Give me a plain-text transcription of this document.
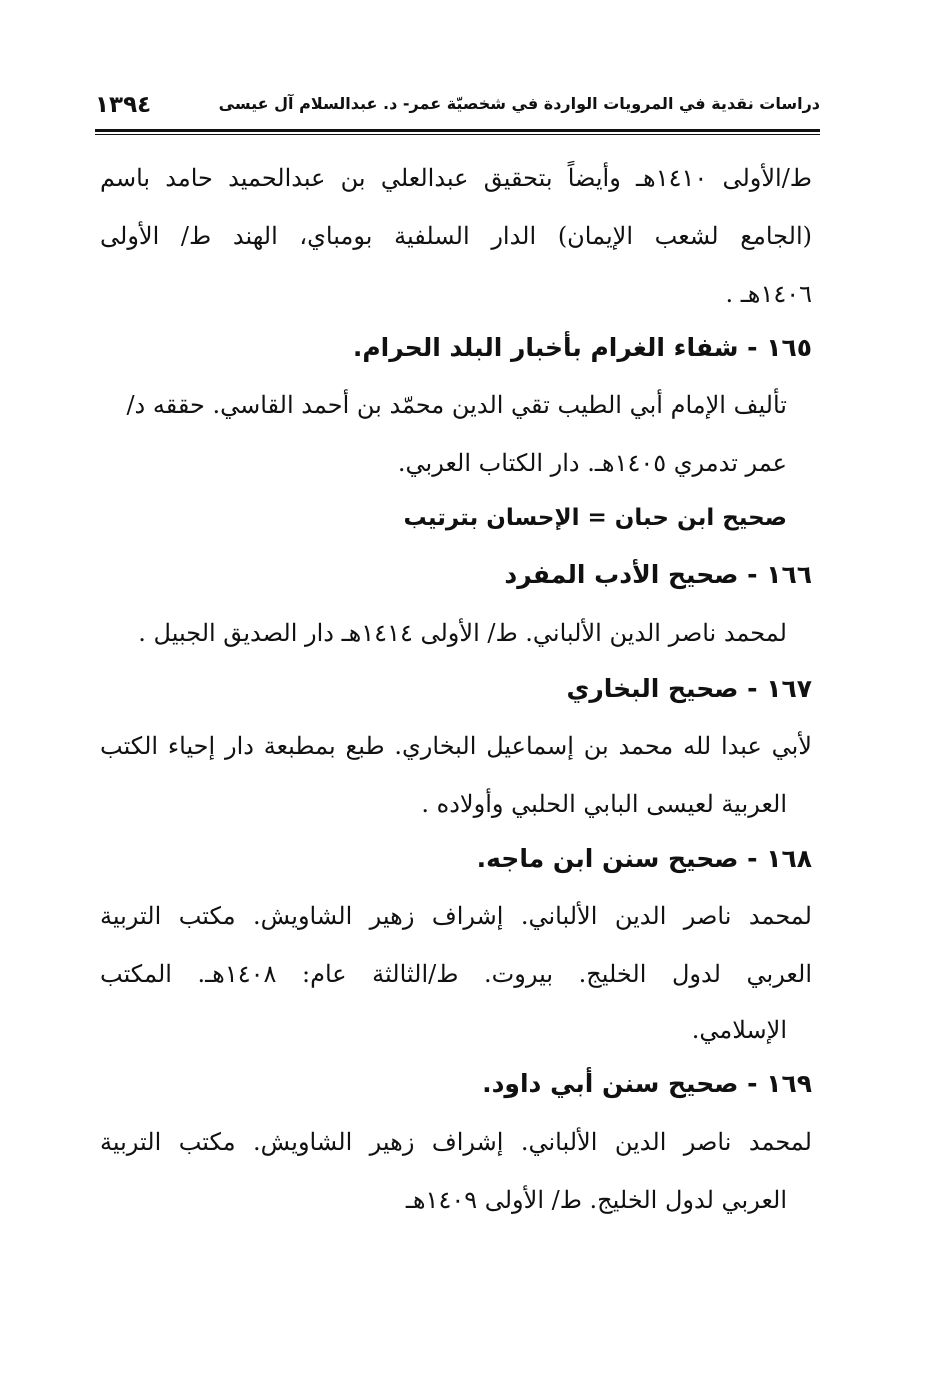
دراسات نقدية في المرويات الواردة في شخصيّة عمر- د. عبدالسلام آل عيسى
١٣٩٤
ط/الأولى ١٤١٠هـ وأيضاً بتحقيق عبدالعلي بن عبدالحميد حامد باسم
(الجامع لشعب الإيمان) الدار السلفية بومباي، الهند ط/ الأولى
١٤٠٦هـ .
١٦٥ - شفاء الغرام بأخبار البلد الحرام.
تأليف الإمام أبي الطيب تقي الدين محمّد بن أحمد القاسي. حققه د/
عمر تدمري ١٤٠٥هـ. دار الكتاب العربي.
صحيح ابن حبان = الإحسان بترتيب
١٦٦ - صحيح الأدب المفرد
لمحمد ناصر الدين الألباني. ط/ الأولى ١٤١٤هـ دار الصديق الجبيل .
١٦٧ - صحيح البخاري
لأبي عبدا لله محمد بن إسماعيل البخاري. طبع بمطبعة دار إحياء الكتب
العربية لعيسى البابي الحلبي وأولاده .
١٦٨ - صحيح سنن ابن ماجه.
لمحمد ناصر الدين الألباني. إشراف زهير الشاويش. مكتب التربية
العربي لدول الخليج. بيروت. ط/الثالثة عام: ١٤٠٨هـ. المكتب
الإسلامي.
١٦٩ - صحيح سنن أبي داود.
لمحمد ناصر الدين الألباني. إشراف زهير الشاويش. مكتب التربية
العربي لدول الخليج. ط/ الأولى ١٤٠٩هـ
